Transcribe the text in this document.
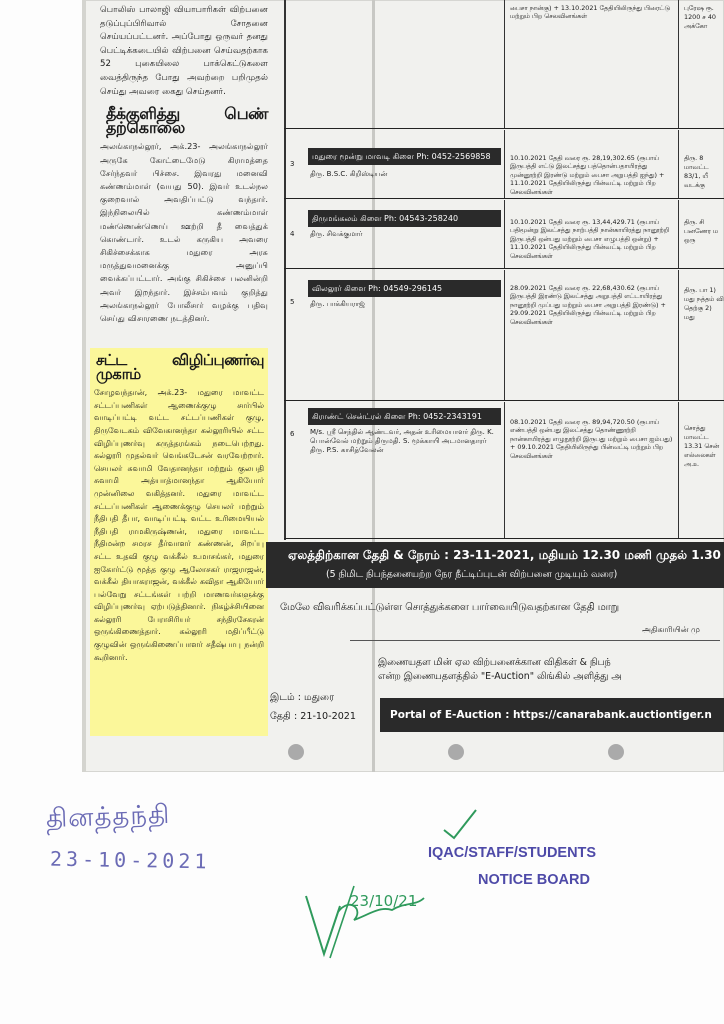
பொலிஸ் பாலாஜி வியாபாரிகள் விற்பனை தடுப்புப்பிரிவால் சோதனை செய்யப்பட்டனர். அப்போது ஒருவர் தனது பெட்டிக்கடையில் விற்பனை செய்வதற்காக 52 புகையிலை பாக்கெட்டுகளை வைத்திருந்த போது அவற்றை பறிமுதல் செய்து அவரை கைது செய்தனர்.

தீக்குளித்து பெண் தற்கொலை

அலங்காநல்லூர், அக்.23- அலங்காநல்லூர் அருகே கோட்டைமேடு கிராமத்தை சேர்ந்தவர் பிச்சை. இவரது மனைவி கண்ணம்மாள் (வயது 50). இவர் உடல்நல குறைவால் அவதிப்பட்டு வந்தார். இந்நிலையில் கண்ணம்மாள் மண்ணெண்ணெய் ஊற்றி தீ வைத்துக் கொண்டார். உடல் கருகிய அவரை சிகிச்சைக்காக மதுரை அரசு மருத்துவமனைக்கு அனுப்பி வைக்கப்பட்டார். அங்கு சிகிச்சை பலனின்றி அவர் இறந்தார். இச்சம்பவம் குறித்து அலங்காநல்லூர் போலீசார் வழக்கு பதிவு செய்து விசாரணை நடத்தினர்.

சட்ட விழிப்புணர்வு முகாம்

சோழவந்தான், அக்.23- மதுரை மாவட்ட சட்டப்பணிகள் ஆணைக்குழு சார்பில் வாடிப்பட்டி வட்ட சட்டப்பணிகள் குழு, திருவேடகம் விவேகானந்தா கல்லூரியில் சட்ட விழிப்புணர்வு கருத்தரங்கம் நடைபெற்றது. கல்லூரி முதல்வர் வெங்கடேசன் வரவேற்றார். செயலர் சுவாமி வேதானந்தா மற்றும் குலபதி சுவாமி அத்யாத்மானந்தா ஆகியோர் முன்னிலை வகித்தனர். மதுரை மாவட்ட சட்டப்பணிகள் ஆணைக்குழு செயலர் மற்றும் நீதிபதி தீபா, வாடிப்பட்டி வட்ட உரிமையியல் நீதிபதி ராமகிருஷ்ணன், மதுரை மாவட்ட நீதிமன்ற சமரச தீர்வாளர் கண்ணன், சிறப்பு சட்ட உதவி குழு வக்கீல் உமாசங்கர், மதுரை ஐகோர்ட்டு மூத்த குழு ஆலோசகர் ராஜராஜன், வக்கீல் தியாகராஜன், வக்கீல் கவிதா ஆகியோர் பல்வேறு சட்டங்கள் பற்றி மாணவர்களுக்கு விழிப்புணர்வு ஏற்படுத்தினார். நிகழ்ச்சியினை கல்லூரி பேராசிரியர் சந்திரசேகரன் ஒருங்கிணைத்தார். கல்லூரி மதிப்பீட்டு குழுவின் ஒருங்கிணைப்பாளர் சதீஷ்பாபு நன்றி கூறினார்.

பைசா நான்கு) + 13.10.2021 தேதியிலிருந்து பிரைட்டு மற்றும் பிற செலவினங்கள்
புரேஷ ரூ. 1200 ச 40 அக்கோ
3
மதுரை மூன்று மாவடி கிளை Ph: 0452-2569858
திரு. B.S.C. கிறிஸ்டியன்
10.10.2021 தேதி வரை ரூ. 28,19,302.65 (ரூபாய் இருபத்தி எட்டு இலட்சத்து பத்தொன்பதாயிரத்து முன்னூற்றி இரண்டு மற்றும் பைசா அறுபத்தி ஐந்து) + 11.10.2021 தேதியிலிருந்து பின்வட்டி மற்றும் பிற செலவினங்கள்
திரு. 8 மாவட்ட 83/1, யீ வடக்கு
4
திருமங்கலம் கிளை Ph: 04543-258240
திரு. சிவக்குமார்
10.10.2021 தேதி வரை ரூ. 13,44,429.71 (ரூபாய் பதிமூன்று இலட்சத்து நாற்பத்தி நான்காயிரத்து நானூற்றி இருபத்தி ஒன்பது மற்றும் பைசா எழுபத்தி ஒன்று) + 11.10.2021 தேதியிலிருந்து பின்வட்டி மற்றும் பிற செலவினங்கள்
திரு. சி பனணேர ம ஒரு
5
விலலூர் கிளை Ph: 04549-296145
திரு. பாக்கியராஜ்
28.09.2021 தேதி வரை ரூ. 22,68,430.62 (ரூபாய் இருபத்தி இரண்டு இலட்சத்து அறுபத்தி எட்டாயிரத்து நானூற்றி முப்பது மற்றும் பைசா அறுபத்தி இரண்டு) + 29.09.2021 தேதியிலிருந்து பின்வட்டி மற்றும் பிற செலவினங்கள்
திரு. பா 1) மது நத்தம் வி தெற்கு 2) மது
6
கிராண்ட் சென்ட்ரல் கிளை Ph: 0452-2343191
M/s. ஸ்ரீ செந்தில் ஆண்டவர், அதன் உரிமையாளர் திரு. K. பொன்வேல் மற்றும் திருமதி. S. மூக்காயி அடமானதாரர் திரு. P.S. காசித்வேலன்
08.10.2021 தேதி வரை ரூ. 89,94,720.50 (ரூபாய் எண்பத்தி ஒன்பது இலட்சத்து தொண்ணூற்றி நான்காயிரத்து எழுநூற்றி இருபது மற்றும் பைசா ஐம்பது) + 09.10.2021 தேதியிலிருந்து பின்வட்டி மற்றும் பிற செலவினங்கள்
சொத்து மாவட்ட 13.31 சென் எல்லைகள் அ.உ
ஏலத்திற்கான தேதி & நேரம் : 23-11-2021, மதியம் 12.30 மணி முதல் 1.30
(5 நிமிட நிபந்தனையற்ற நேர நீட்டிப்புடன் விற்பனை முடியும் வரை)
மேலே விவரிக்கப்பட்டுள்ள சொத்துக்களை பார்வையிடுவதற்கான தேதி மாறு
அதிகாரியின் மு
இணையதள மின் ஏல விற்பனைக்கான விதிகள் & நிபந்
என்ற இணையதளத்தில் "E-Auction" லிங்கில் அளித்து அ
இடம் : மதுரை
தேதி : 21-10-2021	Portal of E-Auction : https://canarabank.auctiontiger.n
தினத்தந்தி
23-10-2021
23/10/21
IQAC/STAFF/STUDENTS
NOTICE BOARD
